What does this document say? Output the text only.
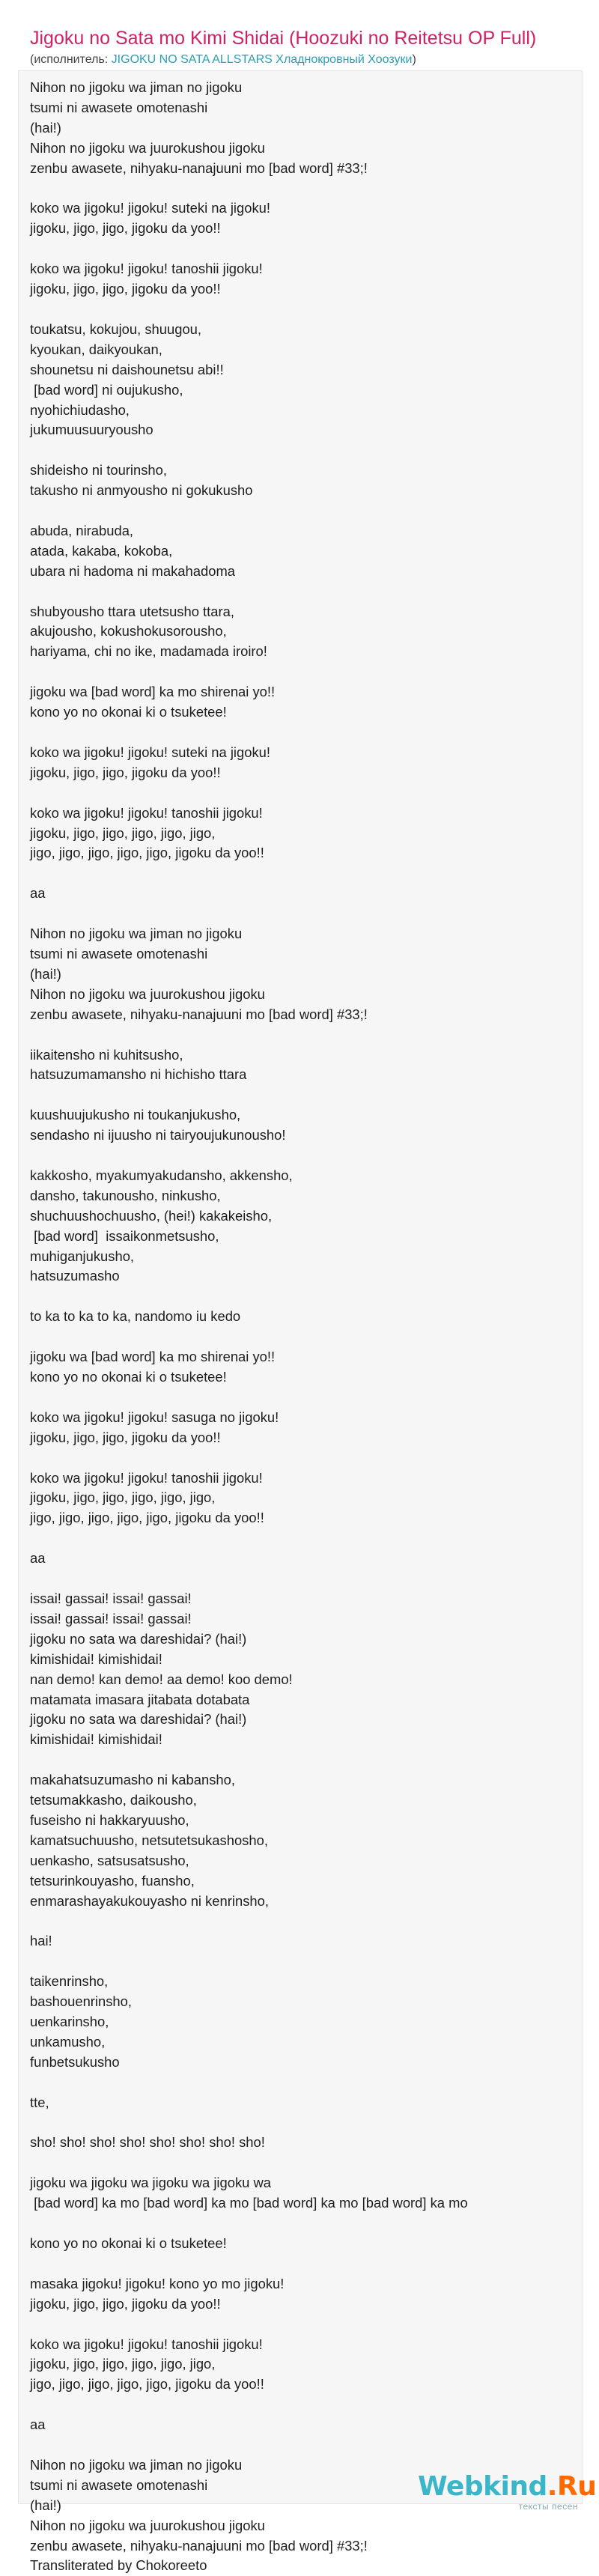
Jigoku no Sata mo Kimi Shidai (Hoozuki no Reitetsu OP Full)
(исполнитель: JIGOKU NO SATA ALLSTARS Хладнокровный Хоозуки)
Nihon no jigoku wa jiman no jigoku
tsumi ni awasete omotenashi
(hai!)
Nihon no jigoku wa juurokushou jigoku
zenbu awasete, nihyaku-nanajuuni mo [bad word] #33;!

koko wa jigoku! jigoku! suteki na jigoku!
jigoku, jigo, jigo, jigoku da yoo!!

koko wa jigoku! jigoku! tanoshii jigoku!
jigoku, jigo, jigo, jigoku da yoo!!

toukatsu, kokujou, shuugou,
kyoukan, daikyoukan,
shounetsu ni daishounetsu abi!!
[bad word] ni oujukusho,
nyohichiudasho,
jukumuusuuryousho

shideisho ni tourinsho,
takusho ni anmyousho ni gokukusho

abuda, nirabuda,
atada, kakaba, kokoba,
ubara ni hadoma ni makahadoma

shubyousho ttara utetsusho ttara,
akujousho, kokushokusorousho,
hariyama, chi no ike, madamada iroiro!

jigoku wa [bad word] ka mo shirenai yo!!
kono yo no okonai ki o tsuketee!

koko wa jigoku! jigoku! suteki na jigoku!
jigoku, jigo, jigo, jigoku da yoo!!

koko wa jigoku! jigoku! tanoshii jigoku!
jigoku, jigo, jigo, jigo, jigo, jigo,
jigo, jigo, jigo, jigo, jigo, jigoku da yoo!!

aa

Nihon no jigoku wa jiman no jigoku
tsumi ni awasete omotenashi
(hai!)
Nihon no jigoku wa juurokushou jigoku
zenbu awasete, nihyaku-nanajuuni mo [bad word] #33;!

iikaitensho ni kuhitsusho,
hatsuzumamansho ni hichisho ttara

kuushuujukusho ni toukanjukusho,
sendasho ni ijuusho ni tairyoujukunousho!

kakkosho, myakumyakudansho, akkensho,
dansho, takunousho, ninkusho,
shuchuushochuusho, (hei!) kakakeisho,
[bad word]  issaikonmetsusho,
muhiganjukusho,
hatsuzumasho

to ka to ka to ka, nandomo iu kedo

jigoku wa [bad word] ka mo shirenai yo!!
kono yo no okonai ki o tsuketee!

koko wa jigoku! jigoku! sasuga no jigoku!
jigoku, jigo, jigo, jigoku da yoo!!

koko wa jigoku! jigoku! tanoshii jigoku!
jigoku, jigo, jigo, jigo, jigo, jigo,
jigo, jigo, jigo, jigo, jigo, jigoku da yoo!!

aa

issai! gassai! issai! gassai!
issai! gassai! issai! gassai!
jigoku no sata wa dareshidai? (hai!)
kimishidai! kimishidai!
nan demo! kan demo! aa demo! koo demo!
matamata imasara jitabata dotabata
jigoku no sata wa dareshidai? (hai!)
kimishidai! kimishidai!

makahatsuzumasho ni kabansho,
tetsumakkasho, daikousho,
fuseisho ni hakkaryuusho,
kamatsuchuusho, netsutetsukashosho,
uenkasho, satsusatsusho,
tetsurinkouyasho, fuansho,
enmarashayakukouyasho ni kenrinsho,

hai!

taikenrinsho,
bashouenrinsho,
uenkarinsho,
unkamusho,
funbetsukusho

tte,

sho! sho! sho! sho! sho! sho! sho! sho!

jigoku wa jigoku wa jigoku wa jigoku wa
[bad word] ka mo [bad word] ka mo [bad word] ka mo [bad word] ka mo

kono yo no okonai ki o tsuketee!

masaka jigoku! jigoku! kono yo mo jigoku!
jigoku, jigo, jigo, jigoku da yoo!!

koko wa jigoku! jigoku! tanoshii jigoku!
jigoku, jigo, jigo, jigo, jigo, jigo,
jigo, jigo, jigo, jigo, jigo, jigoku da yoo!!

aa

Nihon no jigoku wa jiman no jigoku
tsumi ni awasete omotenashi
(hai!)
Nihon no jigoku wa juurokushou jigoku
zenbu awasete, nihyaku-nanajuuni mo [bad word] #33;!
Transliterated by Chokoreeto
Webkind.Ru
тексты песен
